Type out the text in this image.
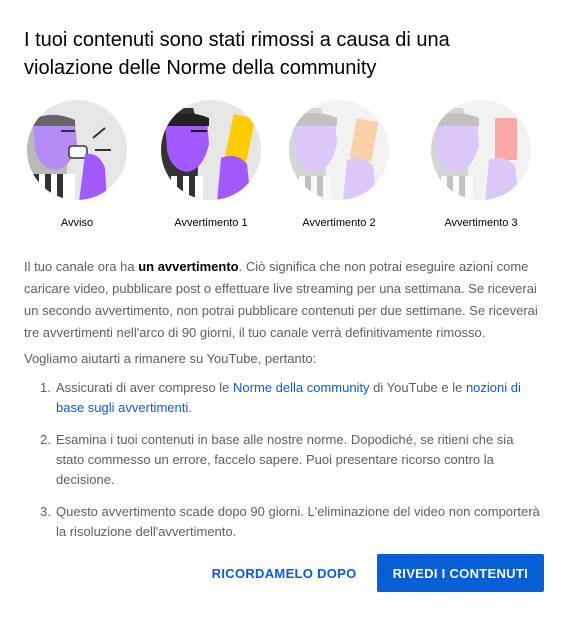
I tuoi contenuti sono stati rimossi a causa di una violazione delle Norme della community
Avviso	Avvertimento 1	Avvertimento 2	Avvertimento 3

Il tuo canale ora ha un avvertimento. Ciò significa che non potrai eseguire azioni come caricare video, pubblicare post o effettuare live streaming per una settimana. Se riceverai un secondo avvertimento, non potrai pubblicare contenuti per due settimane. Se riceverai tre avvertimenti nell'arco di 90 giorni, il tuo canale verrà definitivamente rimosso.

Vogliamo aiutarti a rimanere su YouTube, pertanto:

1. Assicurati di aver compreso le Norme della community di YouTube e le nozioni di base sugli avvertimenti.
2. Esamina i tuoi contenuti in base alle nostre norme. Dopodiché, se ritieni che sia stato commesso un errore, faccelo sapere. Puoi presentare ricorso contro la decisione.
3. Questo avvertimento scade dopo 90 giorni. L'eliminazione del video non comporterà la risoluzione dell'avvertimento.
RICORDAMELO DOPO	RIVEDI I CONTENUTI
